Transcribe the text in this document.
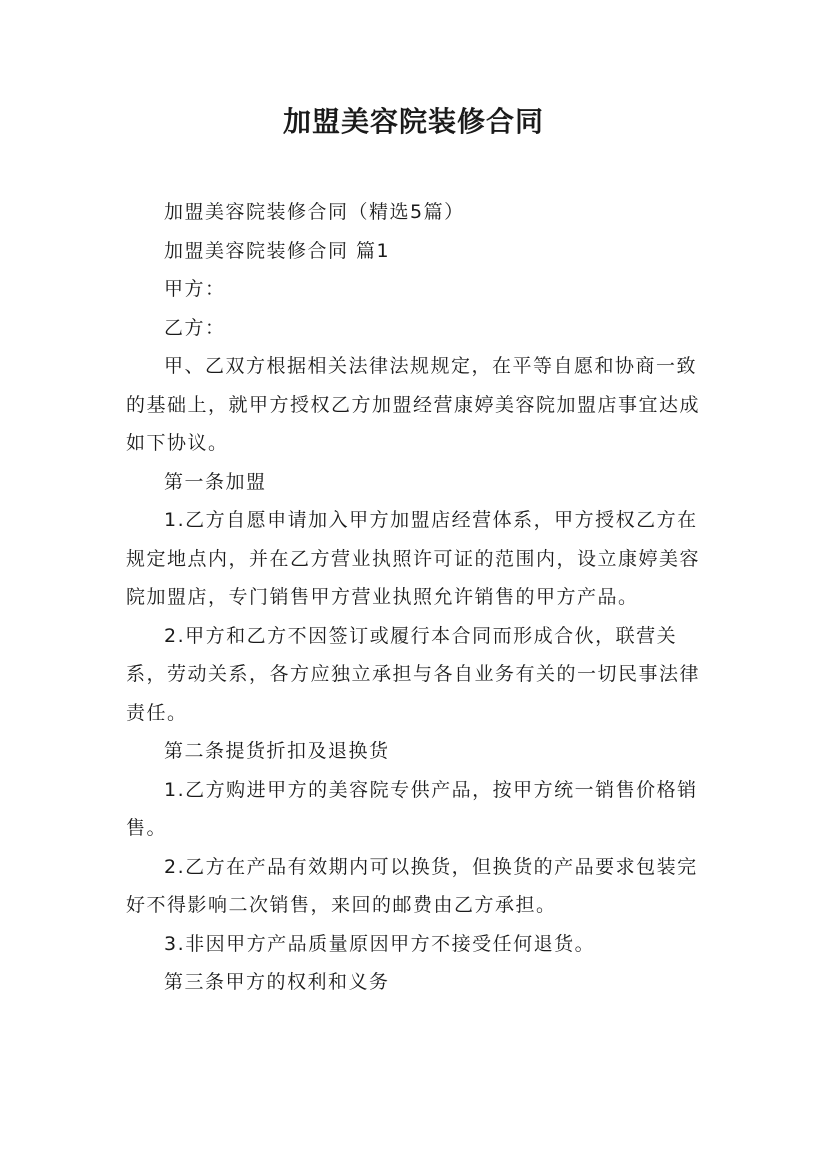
加盟美容院装修合同

加盟美容院装修合同（精选5篇）

加盟美容院装修合同 篇1

甲方：

乙方：

甲、乙双方根据相关法律法规规定，在平等自愿和协商一致的基础上，就甲方授权乙方加盟经营康婷美容院加盟店事宜达成如下协议。

第一条加盟

1.乙方自愿申请加入甲方加盟店经营体系，甲方授权乙方在规定地点内，并在乙方营业执照许可证的范围内，设立康婷美容院加盟店，专门销售甲方营业执照允许销售的甲方产品。

2.甲方和乙方不因签订或履行本合同而形成合伙，联营关系，劳动关系，各方应独立承担与各自业务有关的一切民事法律责任。

第二条提货折扣及退换货

1.乙方购进甲方的美容院专供产品，按甲方统一销售价格销售。

2.乙方在产品有效期内可以换货，但换货的产品要求包装完好不得影响二次销售，来回的邮费由乙方承担。

3.非因甲方产品质量原因甲方不接受任何退货。

第三条甲方的权利和义务
